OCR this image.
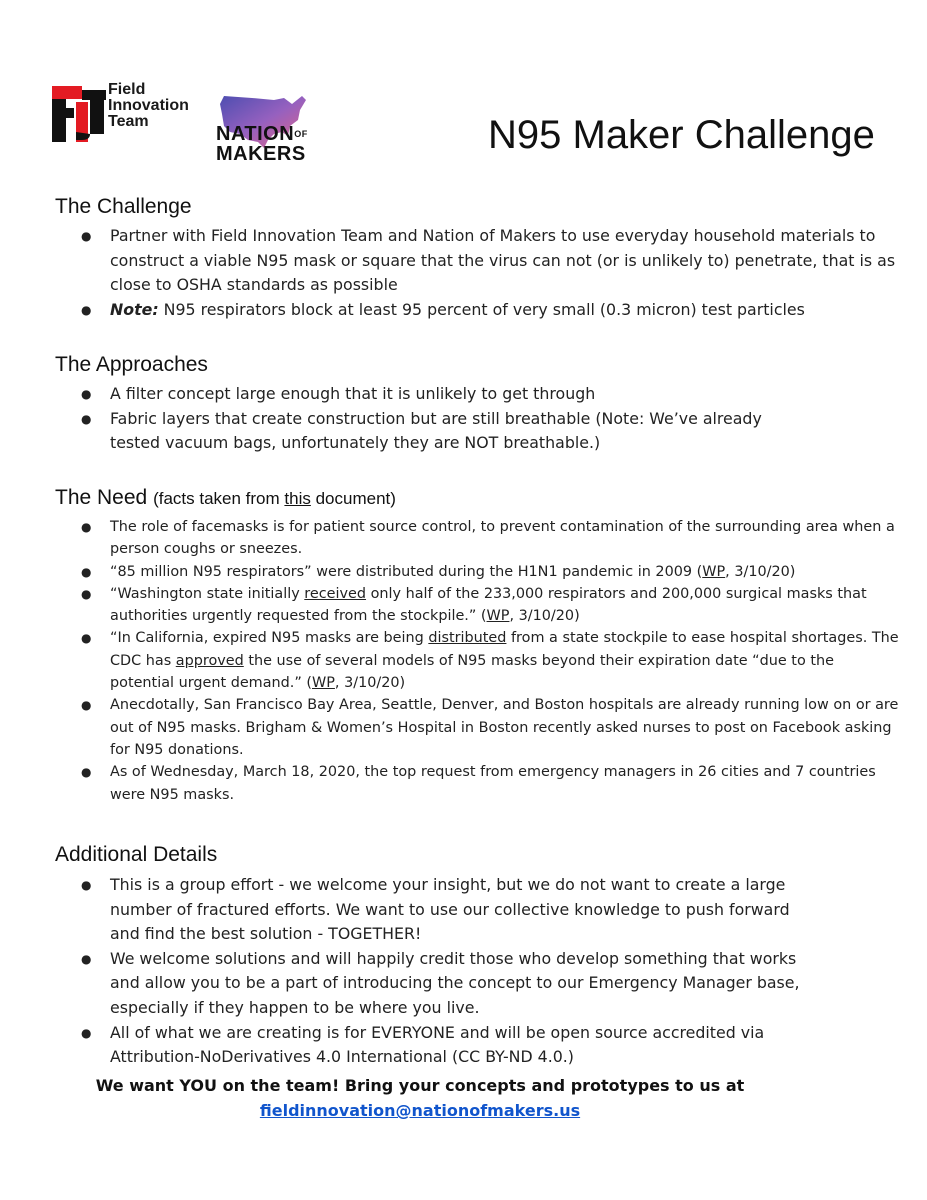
Field
Innovation
Team
NATIONOF
MAKERS	N95 Maker Challenge
The Challenge
● Partner with Field Innovation Team and Nation of Makers to use everyday household materials to
construct a viable N95 mask or square that the virus can not (or is unlikely to) penetrate, that is as
close to OSHA standards as possible
● Note: N95 respirators block at least 95 percent of very small (0.3 micron) test particles
The Approaches
● A filter concept large enough that it is unlikely to get through
● Fabric layers that create construction but are still breathable (Note: We’ve already
tested vacuum bags, unfortunately they are NOT breathable.)
The Need (facts taken from this document)
● The role of facemasks is for patient source control, to prevent contamination of the surrounding area when a
person coughs or sneezes.
● “85 million N95 respirators” were distributed during the H1N1 pandemic in 2009 (WP, 3/10/20)
● “Washington state initially received only half of the 233,000 respirators and 200,000 surgical masks that
authorities urgently requested from the stockpile.” (WP, 3/10/20)
● “In California, expired N95 masks are being distributed from a state stockpile to ease hospital shortages. The
CDC has approved the use of several models of N95 masks beyond their expiration date “due to the
potential urgent demand.” (WP, 3/10/20)
● Anecdotally, San Francisco Bay Area, Seattle, Denver, and Boston hospitals are already running low on or are
out of N95 masks. Brigham & Women’s Hospital in Boston recently asked nurses to post on Facebook asking
for N95 donations.
● As of Wednesday, March 18, 2020, the top request from emergency managers in 26 cities and 7 countries
were N95 masks.
Additional Details
● This is a group effort - we welcome your insight, but we do not want to create a large
number of fractured efforts. We want to use our collective knowledge to push forward
and find the best solution - TOGETHER!
● We welcome solutions and will happily credit those who develop something that works
and allow you to be a part of introducing the concept to our Emergency Manager base,
especially if they happen to be where you live.
● All of what we are creating is for EVERYONE and will be open source accredited via
Attribution-NoDerivatives 4.0 International (CC BY-ND 4.0.)
We want YOU on the team! Bring your concepts and prototypes to us at
fieldinnovation@nationofmakers.us
